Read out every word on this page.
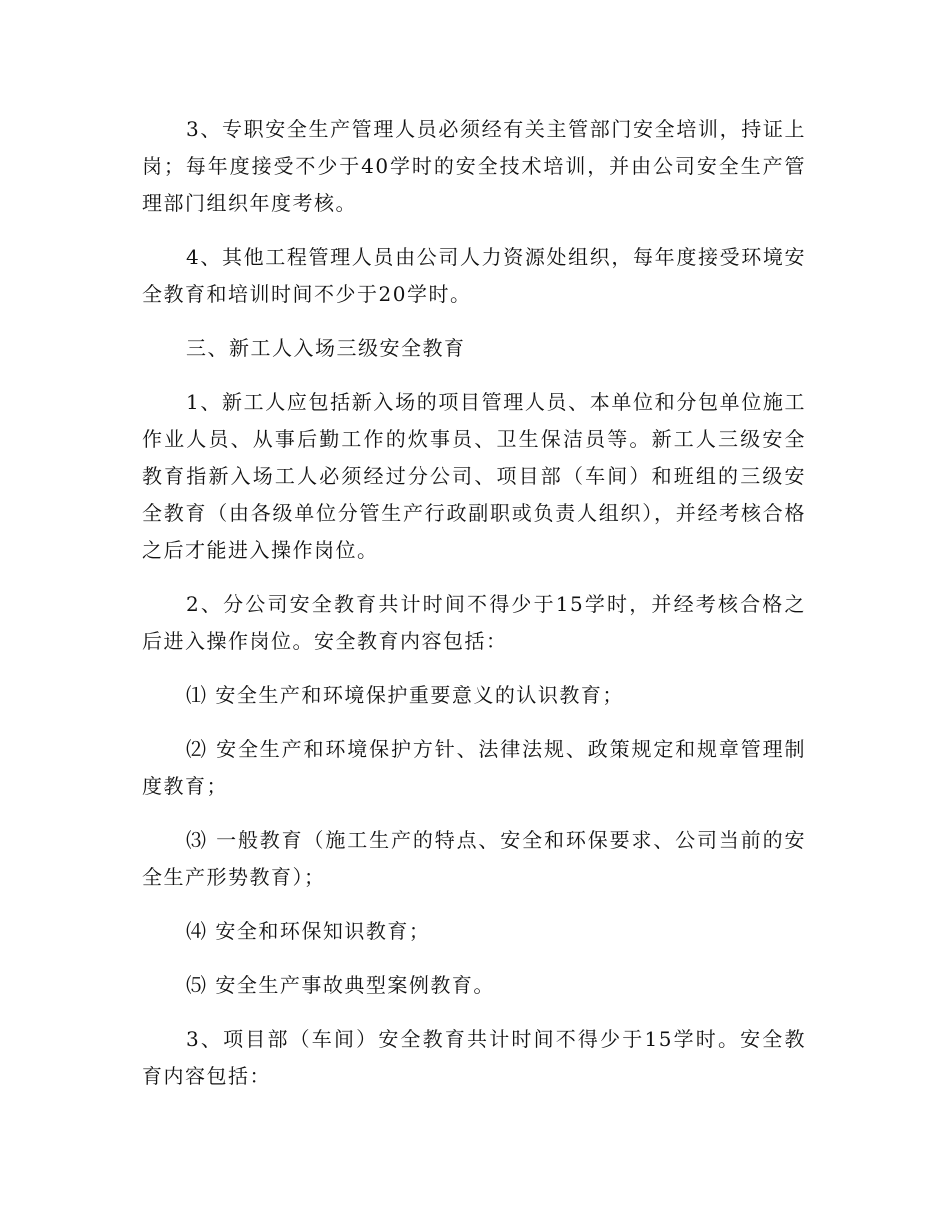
3、专职安全生产管理人员必须经有关主管部门安全培训，持证上岗；每年度接受不少于40学时的安全技术培训，并由公司安全生产管理部门组织年度考核。

4、其他工程管理人员由公司人力资源处组织，每年度接受环境安全教育和培训时间不少于20学时。

三、新工人入场三级安全教育

1、新工人应包括新入场的项目管理人员、本单位和分包单位施工作业人员、从事后勤工作的炊事员、卫生保洁员等。新工人三级安全教育指新入场工人必须经过分公司、项目部（车间）和班组的三级安全教育（由各级单位分管生产行政副职或负责人组织），并经考核合格之后才能进入操作岗位。

2、分公司安全教育共计时间不得少于15学时，并经考核合格之后进入操作岗位。安全教育内容包括：

⑴ 安全生产和环境保护重要意义的认识教育；

⑵ 安全生产和环境保护方针、法律法规、政策规定和规章管理制度教育；

⑶ 一般教育（施工生产的特点、安全和环保要求、公司当前的安全生产形势教育）；

⑷ 安全和环保知识教育；

⑸ 安全生产事故典型案例教育。

3、项目部（车间）安全教育共计时间不得少于15学时。安全教育内容包括：
